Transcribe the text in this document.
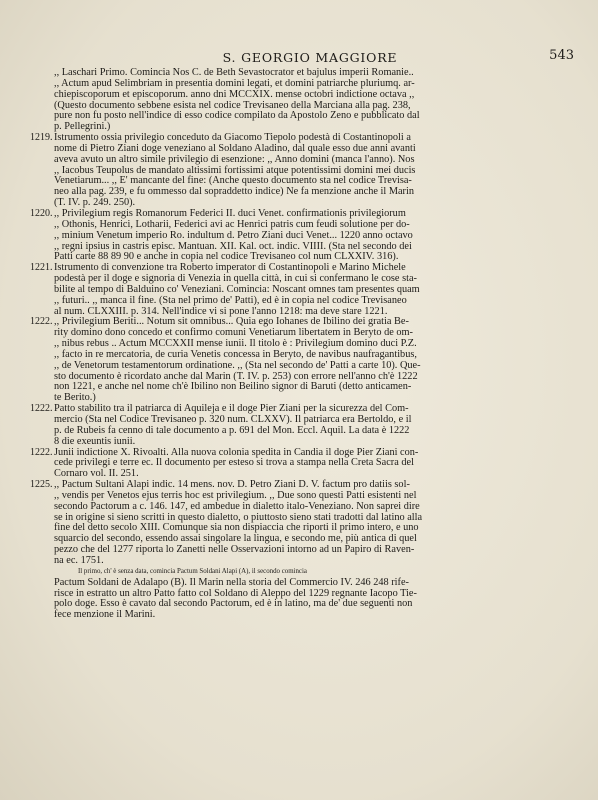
S. GEORGIO MAGGIORE	543
,, Laschari Primo. Comincia Nos C. de Beth Sevastocrator et bajulus imperii Romanie..
,, Actum apud Selimbriam in presentia domini legati, et domini patriarche pluriumq. ar-
chiepiscoporum et episcoporum. anno dni MCCXIX. mense octobri indictione octava ,,
(Questo documento sebbene esista nel codice Trevisaneo della Marciana alla pag. 238,
pure non fu posto nell'indice di esso codice compilato da Apostolo Zeno e pubblicato dal
p. Pellegrini.)
1219. Istrumento ossia privilegio conceduto da Giacomo Tiepolo podestà di Costantinopoli a
nome di Pietro Ziani doge veneziano al Soldano Aladino, dal quale esso due anni avanti
aveva avuto un altro simile privilegio di esenzione: ,, Anno domini (manca l'anno). Nos
,, Iacobus Teupolus de mandato altissimi fortissimi atque potentissimi domini mei ducis
Venetiarum... ,, E' mancante del fine: (Anche questo documento sta nel codice Trevisa-
neo alla pag. 239, e fu ommesso dal sopraddetto indice) Ne fa menzione anche il Marin
(T. IV. p. 249. 250).
1220. ,, Privilegium regis Romanorum Federici II. duci Venet. confirmationis privilegiorum
,, Othonis, Henrici, Lotharii, Federici avi ac Henrici patris cum feudi solutione per do-
,, minium Venetum imperio Ro. indultum d. Petro Ziani duci Venet... 1220 anno octavo
,, regni ipsius in castris episc. Mantuan. XII. Kal. oct. indic. VIIII. (Sta nel secondo dei
Patti carte 88 89 90 e anche in copia nel codice Trevisaneo col num CLXXIV. 316).
1221. Istrumento di convenzione tra Roberto imperator di Costantinopoli e Marino Michele
podestà per il doge e signoria di Venezia in quella città, in cui si confermano le cose sta-
bilite al tempo di Balduino co' Veneziani. Comincia: Noscant omnes tam presentes quam
,, futuri.. ,, manca il fine. (Sta nel primo de' Patti), ed è in copia nel codice Trevisaneo
al num. CLXXIII. p. 314. Nell'indice vi si pone l'anno 1218: ma deve stare 1221.
1222. ,, Privilegium Beriti... Notum sit omnibus... Quia ego Iohanes de Ibilino dei gratia Be-
rity domino dono concedo et confirmo comuni Venetiarum libertatem in Beryto de om-
,, nibus rebus .. Actum MCCXXII mense iunii. Il titolo è : Privilegium domino duci P.Z.
,, facto in re mercatoria, de curia Venetis concessa in Beryto, de navibus naufragantibus,
,, de Venetorum testamentorum ordinatione. ,, (Sta nel secondo de' Patti a carte 10). Que-
sto documento è ricordato anche dal Marin (T. IV. p. 253) con errore nell'anno ch'è 1222
non 1221, e anche nel nome ch'è Ibilino non Beilino signor di Baruti (detto anticamen-
te Berito.)
1222. Patto stabilito tra il patriarca di Aquileja e il doge Pier Ziani per la sicurezza del Com-
mercio (Sta nel Codice Trevisaneo p. 320 num. CLXXV). Il patriarca era Bertoldo, e il
p. de Rubeis fa cenno di tale documento a p. 691 del Mon. Eccl. Aquil. La data è 1222
8 die exeuntis iunii.
1222. Junii indictione X. Rivoalti. Alla nuova colonia spedita in Candia il doge Pier Ziani con-
cede privilegi e terre ec. Il documento per esteso si trova a stampa nella Creta Sacra del
Cornaro vol. II. 251.
1225. ,, Pactum Sultani Alapi indic. 14 mens. nov. D. Petro Ziani D. V. factum pro datiis sol-
,, vendis per Venetos ejus terris hoc est privilegium. ,, Due sono questi Patti esistenti nel
secondo Pactorum a c. 146. 147, ed ambedue in dialetto italo-Veneziano. Non saprei dire
se in origine si sieno scritti in questo dialetto, o piuttosto sieno stati tradotti dal latino alla
fine del detto secolo XIII. Comunque sia non dispiaccia che riporti il primo intero, e uno
squarcio del secondo, essendo assai singolare la lingua, e secondo me, più antica di quel
pezzo che del 1277 riporta lo Zanetti nelle Osservazioni intorno ad un Papiro di Raven-
na ec. 1751.
Il primo, ch' è senza data, comincia Pactum Soldani Alapi (A), il secondo comincia
Pactum Soldani de Adalapo (B). Il Marin nella storia del Commercio IV. 246 248 rife-
risce in estratto un altro Patto fatto col Soldano di Aleppo del 1229 regnante Iacopo Tie-
polo doge. Esso è cavato dal secondo Pactorum, ed è in latino, ma de' due seguenti non
fece menzione il Marini.
